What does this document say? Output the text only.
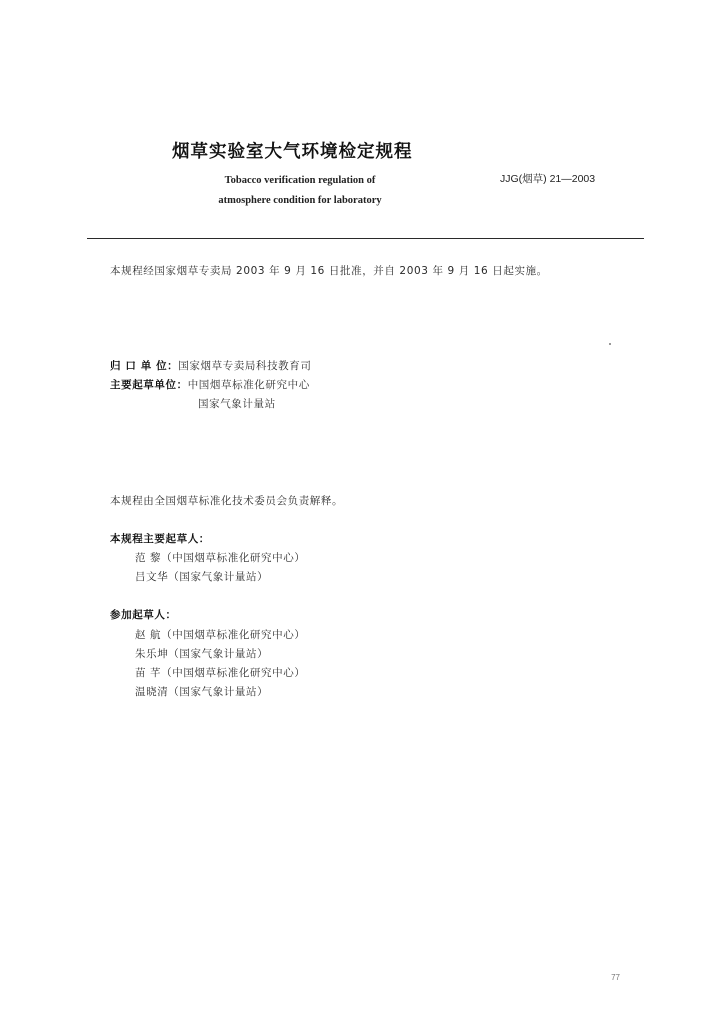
烟草实验室大气环境检定规程
Tobacco verification regulation of
atmosphere condition for laboratory
JJG(烟草) 21—2003
本规程经国家烟草专卖局 2003 年 9 月 16 日批准，并自 2003 年 9 月 16 日起实施。
归 口 单 位：国家烟草专卖局科技教育司
主要起草单位：中国烟草标准化研究中心
国家气象计量站
本规程由全国烟草标准化技术委员会负责解释。
本规程主要起草人：
范 黎（中国烟草标准化研究中心）
吕文华（国家气象计量站）
参加起草人：
赵 航（中国烟草标准化研究中心）
朱乐坤（国家气象计量站）
苗 芊（中国烟草标准化研究中心）
温晓清（国家气象计量站）
77
